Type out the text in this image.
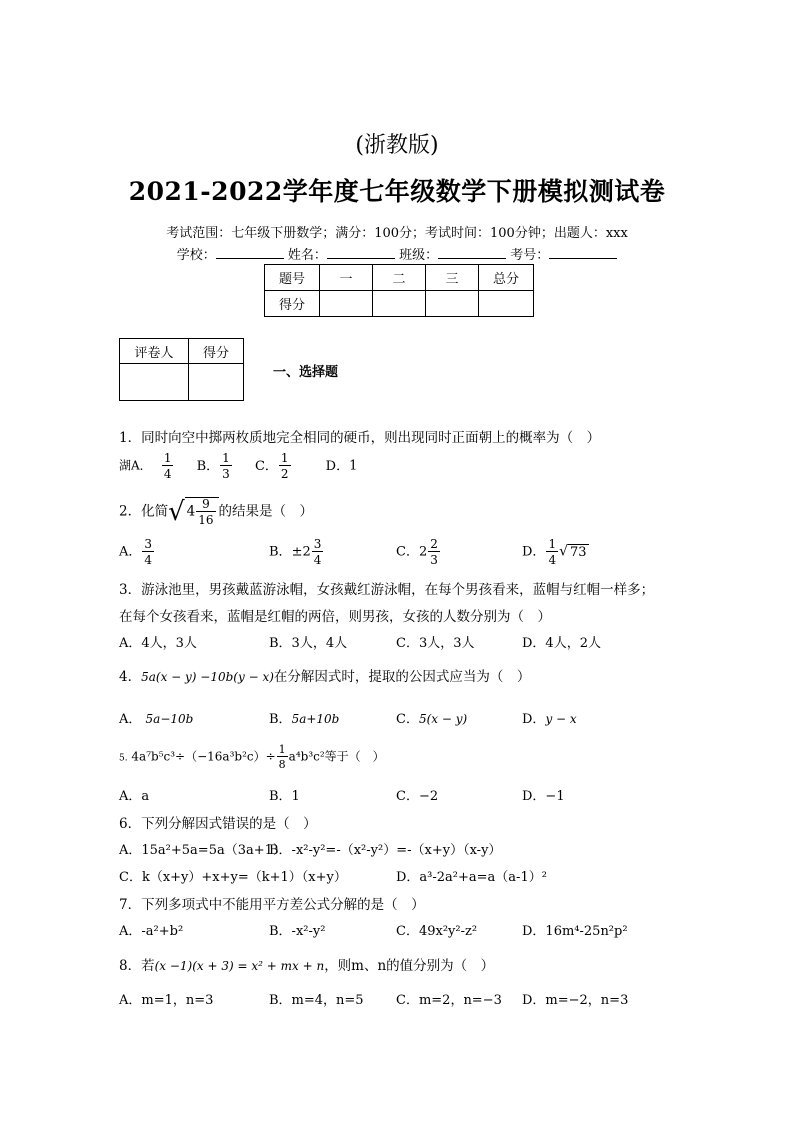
(浙教版)
2021-2022学年度七年级数学下册模拟测试卷
考试范围：七年级下册数学；满分：100分；考试时间：100分钟；出题人：xxx
学校：	姓名：	班级：	考号：
题号	一	二	三	总分
得分				
评卷人	得分

一、选择题
1．同时向空中掷两枚质地完全相同的硬币，则出现同时正面朝上的概率为（　）
湖A． $\frac{1}{4}$ B． $\frac{1}{3}$ C． $\frac{1}{2}$	D．1
2．化简√ $4 \frac{9}{16}$ 的结果是（　）
A． $\frac{3}{4}$	B．$\pm 2 \frac{3}{4}$	C．$2 \frac{2}{3}$	D． $\frac{1}{4}$ √ 73
3．游泳池里，男孩戴蓝游泳帽，女孩戴红游泳帽，在每个男孩看来，蓝帽与红帽一样多；
在每个女孩看来，蓝帽是红帽的两倍，则男孩，女孩的人数分别为（　）
A．4人，3人	B．3人，4人	C．3人，3人	D．4人，2人
4．5a(x − y) −10b(y − x)在分解因式时，提取的公因式应当为（　）
A． 5a−10b	B．5a+10b	C．5(x − y)	D．y − x
5. $4a^7b^5c^3\div(-16a^3b^2c)\div \frac{1}{8} a^4b^3c^2$等于（　）
A．a	B．1	C．−2	D．−1
6．下列分解因式错误的是（　）
A．15a²+5a=5a（3a+1）
B．-x²-y²=-（x²-y²）=-（x+y）（x-y）
C．k（x+y）+x+y=（k+1）（x+y）	D．a³-2a²+a=a（a-1）²
7．下列多项式中不能用平方差公式分解的是（　）
A．-a²+b²	B．-x²-y²	C．49x²y²-z²	D．16m⁴-25n²p²
8．若(x −1)(x + 3) = x² + mx + n，则m、n的值分别为（　）
A．m=1，n=3	B．m=4，n=5 C．m=2，n=−3 D．m=−2，n=3
